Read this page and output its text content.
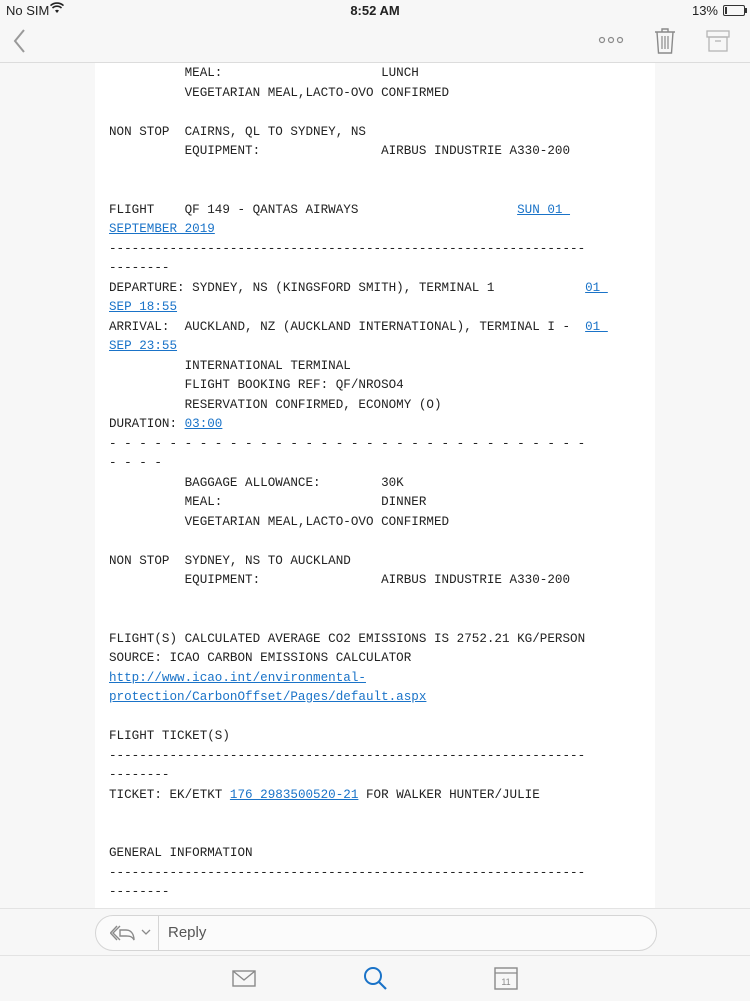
No SIM	8:52 AM	13%
MEAL:                     LUNCH
VEGETARIAN MEAL,LACTO-OVO CONFIRMED
NON STOP  CAIRNS, QL TO SYDNEY, NS
EQUIPMENT:                AIRBUS INDUSTRIE A330-200
FLIGHT    QF 149 - QANTAS AIRWAYS                     SUN 01
SEPTEMBER 2019
---------------------------------------------------------------
--------
DEPARTURE: SYDNEY, NS (KINGSFORD SMITH), TERMINAL 1            01
SEP 18:55
ARRIVAL:  AUCKLAND, NZ (AUCKLAND INTERNATIONAL), TERMINAL I -  01
SEP 23:55
INTERNATIONAL TERMINAL
FLIGHT BOOKING REF: QF/NROSO4
RESERVATION CONFIRMED, ECONOMY (O)
DURATION: 03:00
- - - - - - - - - - - - - - - - - - - - - - - - - - - - - - - -
- - - -
BAGGAGE ALLOWANCE:        30K
MEAL:                     DINNER
VEGETARIAN MEAL,LACTO-OVO CONFIRMED
NON STOP  SYDNEY, NS TO AUCKLAND
EQUIPMENT:                AIRBUS INDUSTRIE A330-200
FLIGHT(S) CALCULATED AVERAGE CO2 EMISSIONS IS 2752.21 KG/PERSON
SOURCE: ICAO CARBON EMISSIONS CALCULATOR
http://www.icao.int/environmental-
protection/CarbonOffset/Pages/default.aspx
FLIGHT TICKET(S)
---------------------------------------------------------------
--------
TICKET: EK/ETKT 176 2983500520-21 FOR WALKER HUNTER/JULIE
GENERAL INFORMATION
---------------------------------------------------------------
--------
Reply
11
